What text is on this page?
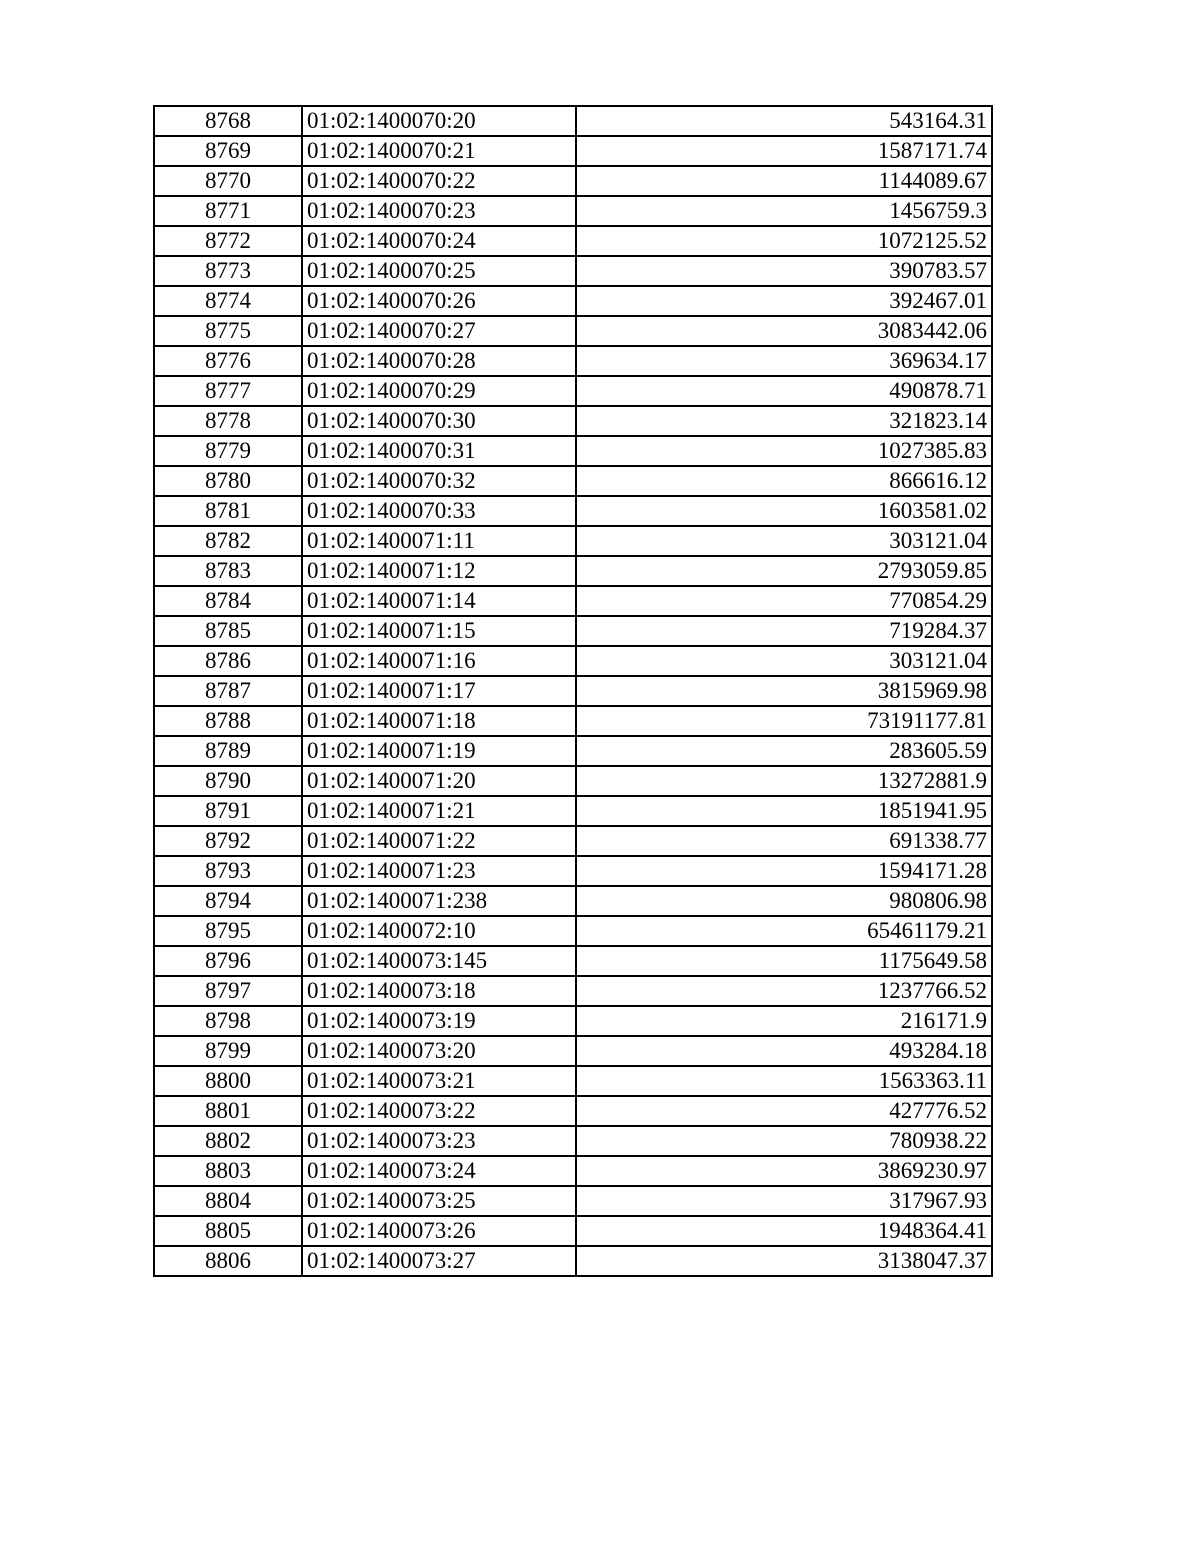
8768	01:02:1400070:20	543164.31
8769	01:02:1400070:21	1587171.74
8770	01:02:1400070:22	1144089.67
8771	01:02:1400070:23	1456759.3
8772	01:02:1400070:24	1072125.52
8773	01:02:1400070:25	390783.57
8774	01:02:1400070:26	392467.01
8775	01:02:1400070:27	3083442.06
8776	01:02:1400070:28	369634.17
8777	01:02:1400070:29	490878.71
8778	01:02:1400070:30	321823.14
8779	01:02:1400070:31	1027385.83
8780	01:02:1400070:32	866616.12
8781	01:02:1400070:33	1603581.02
8782	01:02:1400071:11	303121.04
8783	01:02:1400071:12	2793059.85
8784	01:02:1400071:14	770854.29
8785	01:02:1400071:15	719284.37
8786	01:02:1400071:16	303121.04
8787	01:02:1400071:17	3815969.98
8788	01:02:1400071:18	73191177.81
8789	01:02:1400071:19	283605.59
8790	01:02:1400071:20	13272881.9
8791	01:02:1400071:21	1851941.95
8792	01:02:1400071:22	691338.77
8793	01:02:1400071:23	1594171.28
8794	01:02:1400071:238	980806.98
8795	01:02:1400072:10	65461179.21
8796	01:02:1400073:145	1175649.58
8797	01:02:1400073:18	1237766.52
8798	01:02:1400073:19	216171.9
8799	01:02:1400073:20	493284.18
8800	01:02:1400073:21	1563363.11
8801	01:02:1400073:22	427776.52
8802	01:02:1400073:23	780938.22
8803	01:02:1400073:24	3869230.97
8804	01:02:1400073:25	317967.93
8805	01:02:1400073:26	1948364.41
8806	01:02:1400073:27	3138047.37
